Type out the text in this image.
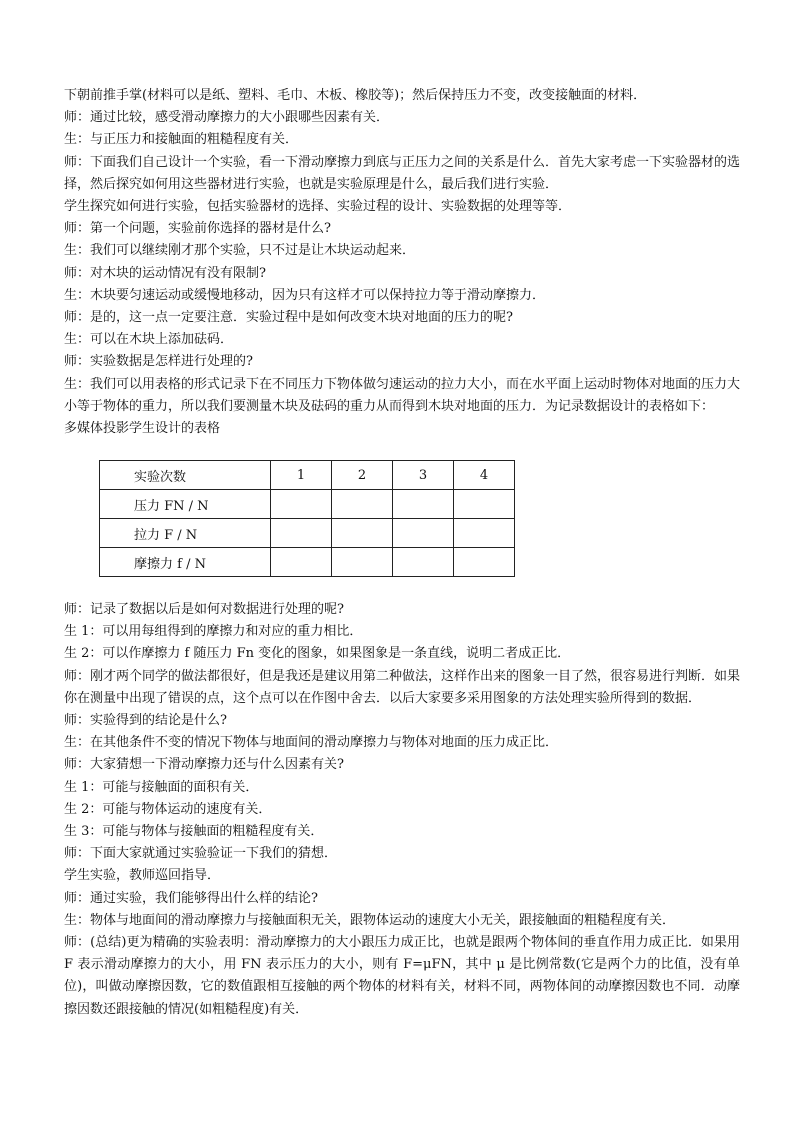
下朝前推手掌(材料可以是纸、塑料、毛巾、木板、橡胶等)；然后保持压力不变，改变接触面的材料．
师：通过比较，感受滑动摩擦力的大小跟哪些因素有关．
生：与正压力和接触面的粗糙程度有关．
师：下面我们自己设计一个实验，看一下滑动摩擦力到底与正压力之间的关系是什么．首先大家考虑一下实验器材的选择，然后探究如何用这些器材进行实验，也就是实验原理是什么，最后我们进行实验．
学生探究如何进行实验，包括实验器材的选择、实验过程的设计、实验数据的处理等等．
师：第一个问题，实验前你选择的器材是什么?
生：我们可以继续刚才那个实验，只不过是让木块运动起来．
师：对木块的运动情况有没有限制?
生：木块要匀速运动或缓慢地移动，因为只有这样才可以保持拉力等于滑动摩擦力．
师：是的，这一点一定要注意．实验过程中是如何改变木块对地面的压力的呢?
生：可以在木块上添加砝码．
师：实验数据是怎样进行处理的?
生：我们可以用表格的形式记录下在不同压力下物体做匀速运动的拉力大小，而在水平面上运动时物体对地面的压力大小等于物体的重力，所以我们要测量木块及砝码的重力从而得到木块对地面的压力．为记录数据设计的表格如下：
多媒体投影学生设计的表格
实验次数	1	2	3	4
压力 FN / N				
拉力 F / N				
摩擦力 f / N				
师：记录了数据以后是如何对数据进行处理的呢?
生 1：可以用每组得到的摩擦力和对应的重力相比．
生 2：可以作摩擦力 f 随压力 Fn 变化的图象，如果图象是一条直线，说明二者成正比．
师：刚才两个同学的做法都很好，但是我还是建议用第二种做法，这样作出来的图象一目了然，很容易进行判断．如果你在测量中出现了错误的点，这个点可以在作图中舍去．以后大家要多采用图象的方法处理实验所得到的数据．
师：实验得到的结论是什么?
生：在其他条件不变的情况下物体与地面间的滑动摩擦力与物体对地面的压力成正比．
师：大家猜想一下滑动摩擦力还与什么因素有关?
生 1：可能与接触面的面积有关．
生 2：可能与物体运动的速度有关．
生 3：可能与物体与接触面的粗糙程度有关．
师：下面大家就通过实验验证一下我们的猜想．
学生实验，教师巡回指导．
师：通过实验，我们能够得出什么样的结论?
生：物体与地面间的滑动摩擦力与接触面积无关，跟物体运动的速度大小无关，跟接触面的粗糙程度有关．
师：(总结)更为精确的实验表明：滑动摩擦力的大小跟压力成正比，也就是跟两个物体间的垂直作用力成正比．如果用 F 表示滑动摩擦力的大小，用 FN 表示压力的大小，则有 F=μFN，其中 μ 是比例常数(它是两个力的比值，没有单位)，叫做动摩擦因数，它的数值跟相互接触的两个物体的材料有关，材料不同，两物体间的动摩擦因数也不同．动摩擦因数还跟接触的情况(如粗糙程度)有关．
